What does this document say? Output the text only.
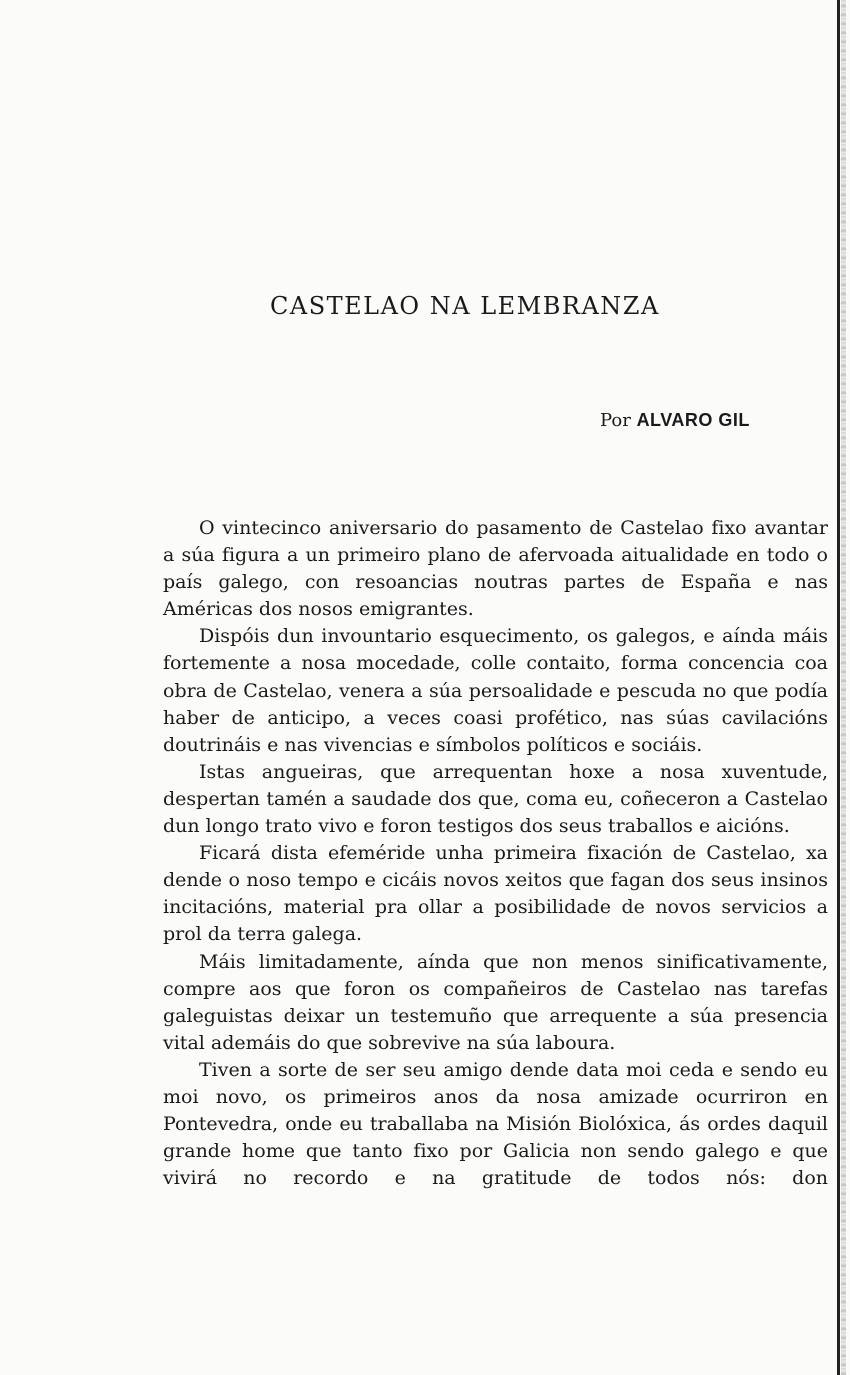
CASTELAO NA LEMBRANZA
Por ALVARO GIL

O vintecinco aniversario do pasamento de Castelao fixo avantar a súa figura a un primeiro plano de afervoada aitualidade en todo o país galego, con resoancias noutras partes de España e nas Américas dos nosos emigrantes.

Dispóis dun invountario esquecimento, os galegos, e aínda máis fortemente a nosa mocedade, colle contaito, forma concencia coa obra de Castelao, venera a súa persoalidade e pescuda no que podía haber de anticipo, a veces coasi profético, nas súas cavilacións doutrináis e nas vivencias e símbolos políticos e sociáis.

Istas angueiras, que arrequentan hoxe a nosa xuventude, despertan tamén a saudade dos que, coma eu, coñeceron a Castelao dun longo trato vivo e foron testigos dos seus traballos e aicións.

Ficará dista efeméride unha primeira fixación de Castelao, xa dende o noso tempo e cicáis novos xeitos que fagan dos seus insinos incitacións, material pra ollar a posibilidade de novos servicios a prol da terra galega.

Máis limitadamente, aínda que non menos sinificativamente, compre aos que foron os compañeiros de Castelao nas tarefas galeguistas deixar un testemuño que arrequente a súa presencia vital ademáis do que sobrevive na súa laboura.

Tiven a sorte de ser seu amigo dende data moi ceda e sendo eu moi novo, os primeiros anos da nosa amizade ocurriron en Pontevedra, onde eu traballaba na Misión Biolóxica, ás ordes daquil grande home que tanto fixo por Galicia non sendo galego e que vivirá no recordo e na gratitude de todos nós: don
